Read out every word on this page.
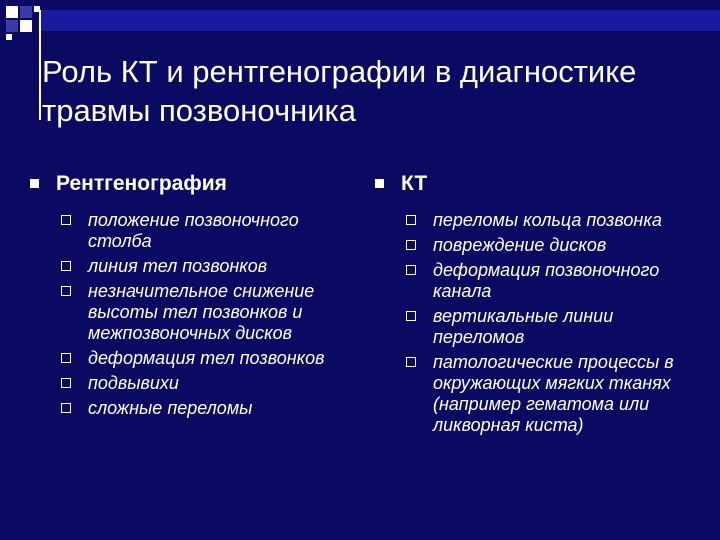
Роль КТ и рентгенографии в диагностике травмы позвоночника
Рентгенография
положение позвоночного столба
линия тел позвонков
незначительное снижение высоты тел позвонков и межпозвоночных дисков
деформация тел позвонков
подвывихи
сложные переломы
КТ
переломы кольца позвонка
повреждение дисков
деформация позвоночного канала
вертикальные линии переломов
патологические процессы в окружающих мягких тканях (например гематома или ликворная киста)
